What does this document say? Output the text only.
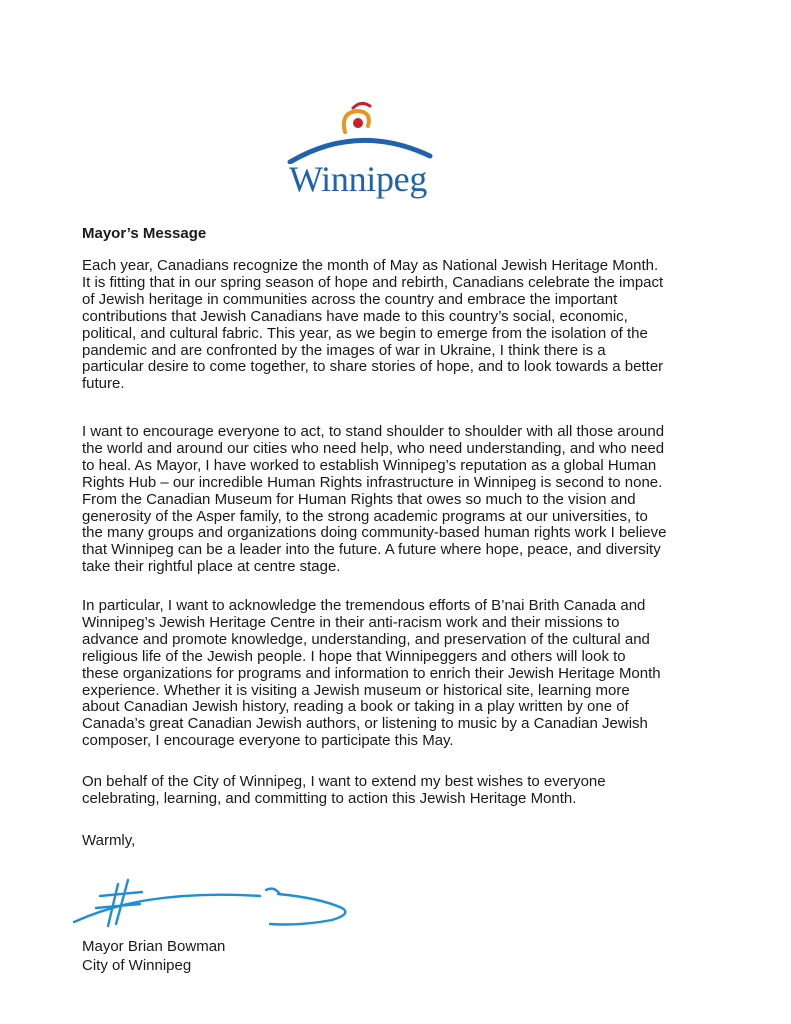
Winnipeg
Mayor’s Message

Each year, Canadians recognize the month of May as National Jewish Heritage Month.
It is fitting that in our spring season of hope and rebirth, Canadians celebrate the impact
of Jewish heritage in communities across the country and embrace the important
contributions that Jewish Canadians have made to this country’s social, economic,
political, and cultural fabric. This year, as we begin to emerge from the isolation of the
pandemic and are confronted by the images of war in Ukraine, I think there is a
particular desire to come together, to share stories of hope, and to look towards a better
future.

I want to encourage everyone to act, to stand shoulder to shoulder with all those around
the world and around our cities who need help, who need understanding, and who need
to heal. As Mayor, I have worked to establish Winnipeg’s reputation as a global Human
Rights Hub – our incredible Human Rights infrastructure in Winnipeg is second to none.
From the Canadian Museum for Human Rights that owes so much to the vision and
generosity of the Asper family, to the strong academic programs at our universities, to
the many groups and organizations doing community-based human rights work I believe
that Winnipeg can be a leader into the future. A future where hope, peace, and diversity
take their rightful place at centre stage.

In particular, I want to acknowledge the tremendous efforts of B’nai Brith Canada and
Winnipeg’s Jewish Heritage Centre in their anti-racism work and their missions to
advance and promote knowledge, understanding, and preservation of the cultural and
religious life of the Jewish people. I hope that Winnipeggers and others will look to
these organizations for programs and information to enrich their Jewish Heritage Month
experience. Whether it is visiting a Jewish museum or historical site, learning more
about Canadian Jewish history, reading a book or taking in a play written by one of
Canada’s great Canadian Jewish authors, or listening to music by a Canadian Jewish
composer, I encourage everyone to participate this May.

On behalf of the City of Winnipeg, I want to extend my best wishes to everyone
celebrating, learning, and committing to action this Jewish Heritage Month.

Warmly,

Mayor Brian Bowman

City of Winnipeg
